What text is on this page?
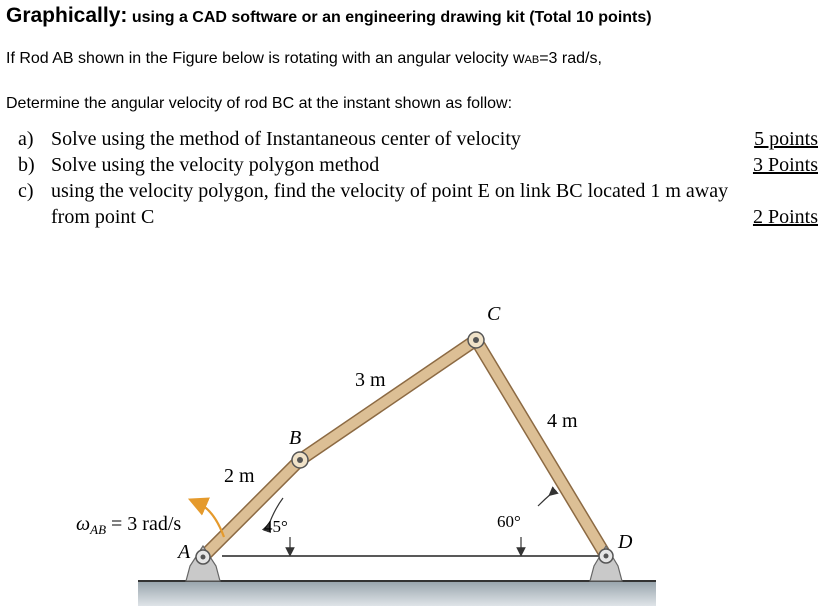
Graphically: using a CAD software or an engineering drawing kit (Total 10 points)
If Rod AB shown in the Figure below is rotating with an angular velocity wAB=3 rad/s,
Determine the angular velocity of rod BC at the instant shown as follow:
a) Solve using the method of Instantaneous center of velocity	5 points
b) Solve using the velocity polygon method	3 Points
c) using the velocity polygon, find the velocity of point E on link BC located 1 m away
from point C	2 Points
A
B
C
D
2 m
3 m
4 m
45°	60°
$\omega_{AB} = 3$ rad/s
